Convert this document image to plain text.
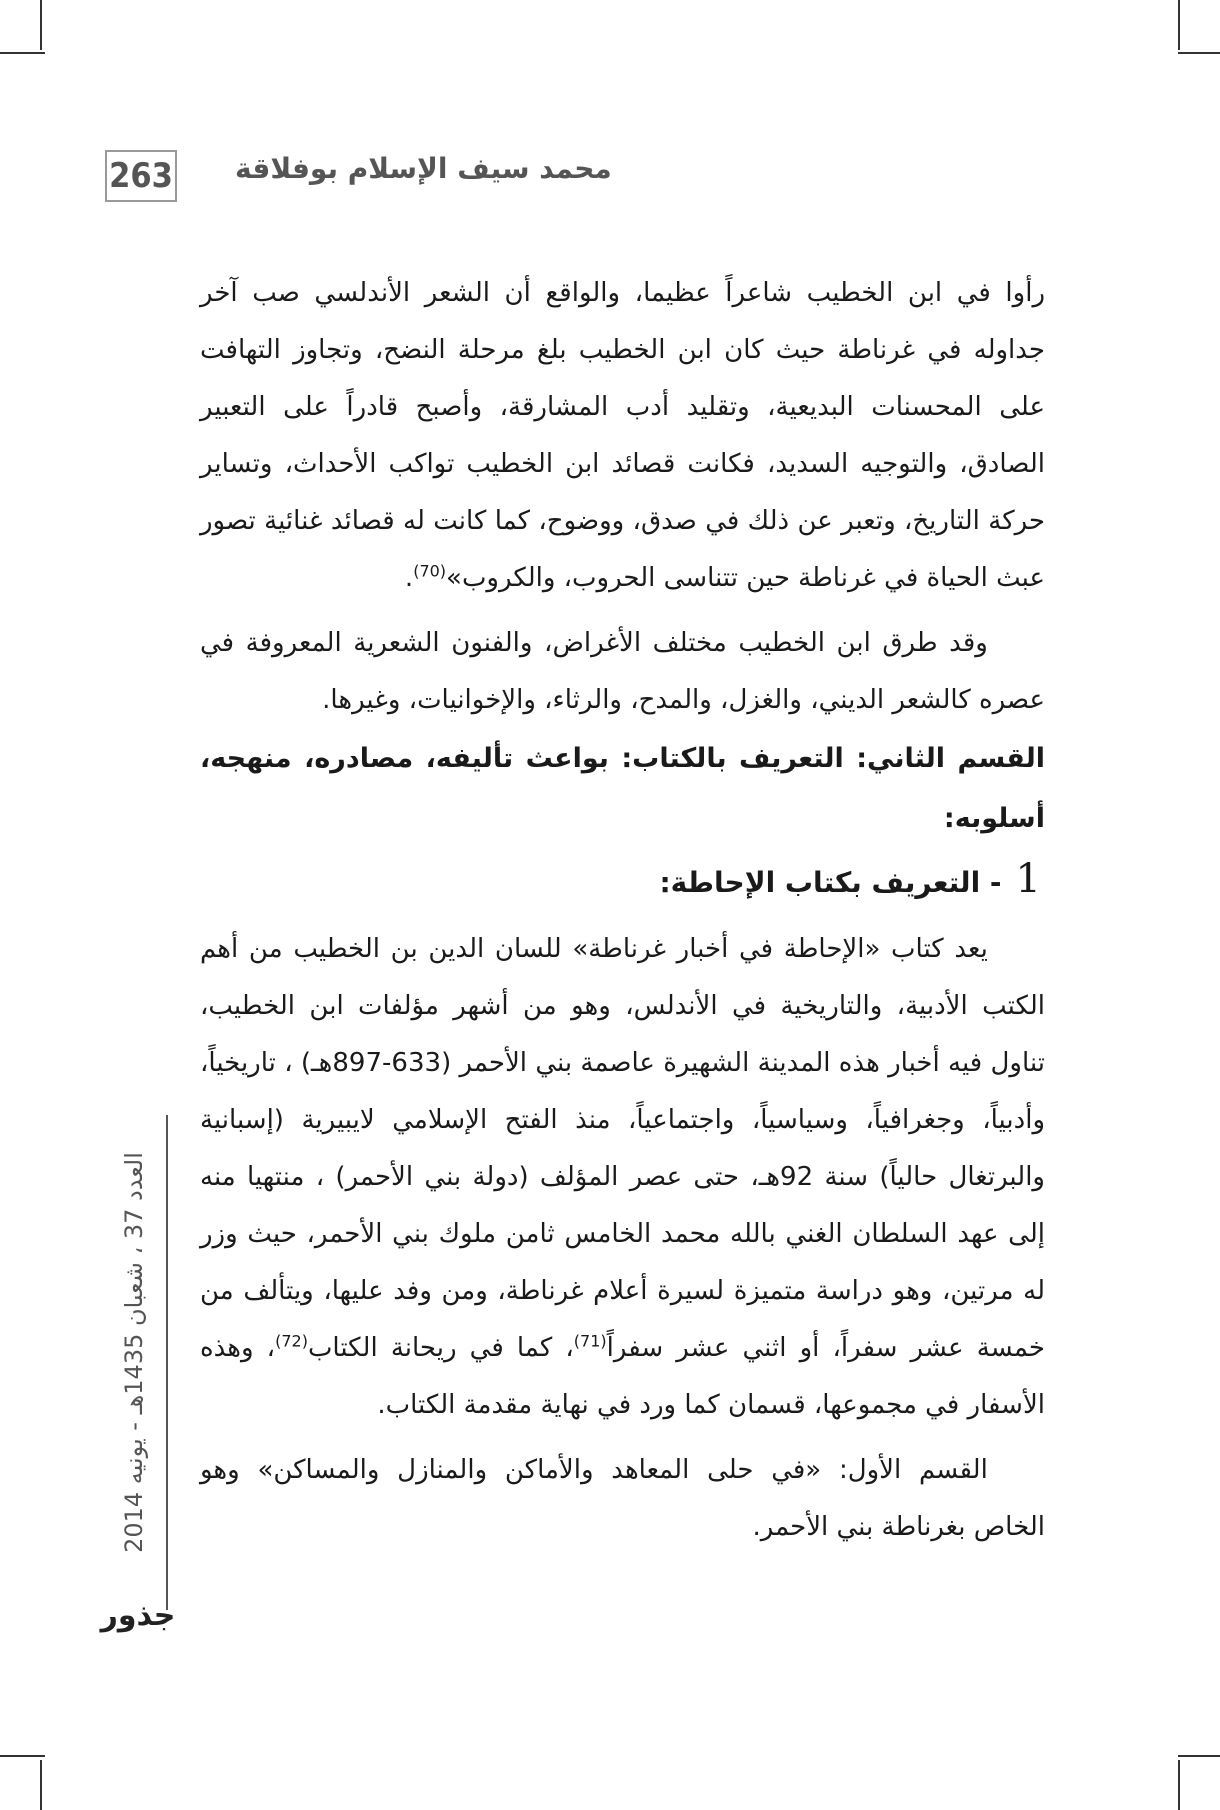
263 محمد سيف الإسلام بوفلاقة

رأوا في ابن الخطيب شاعراً عظيما، والواقع أن الشعر الأندلسي صب آخر جداوله في غرناطة حيث كان ابن الخطيب بلغ مرحلة النضح، وتجاوز التهافت على المحسنات البديعية، وتقليد أدب المشارقة، وأصبح قادراً على التعبير الصادق، والتوجيه السديد، فكانت قصائد ابن الخطيب تواكب الأحداث، وتساير حركة التاريخ، وتعبر عن ذلك في صدق، ووضوح، كما كانت له قصائد غنائية تصور عبث الحياة في غرناطة حين تتناسى الحروب، والكروب»$^{(70)}$.

وقد طرق ابن الخطيب مختلف الأغراض، والفنون الشعرية المعروفة في عصره كالشعر الديني، والغزل، والمدح، والرثاء، والإخوانيات، وغيرها.

القسم الثاني: التعريف بالكتاب: بواعث تأليفه، مصادره، منهجه، أسلوبه:
1- التعريف بكتاب الإحاطة:

يعد كتاب «الإحاطة في أخبار غرناطة» للسان الدين بن الخطيب من أهم الكتب الأدبية، والتاريخية في الأندلس، وهو من أشهر مؤلفات ابن الخطيب، تناول فيه أخبار هذه المدينة الشهيرة عاصمة بني الأحمر (633-897هـ) ، تاريخياً، وأدبياً، وجغرافياً، وسياسياً، واجتماعياً، منذ الفتح الإسلامي لايبيرية (إسبانية والبرتغال حالياً) سنة 92هـ، حتى عصر المؤلف (دولة بني الأحمر) ، منتهيا منه إلى عهد السلطان الغني بالله محمد الخامس ثامن ملوك بني الأحمر، حيث وزر له مرتين، وهو دراسة متميزة لسيرة أعلام غرناطة، ومن وفد عليها، ويتألف من خمسة عشر سفراً، أو اثني عشر سفراً$^{(71)}$، كما في ريحانة الكتاب$^{(72)}$، وهذه الأسفار في مجموعها، قسمان كما ورد في نهاية مقدمة الكتاب.

القسم الأول: «في حلى المعاهد والأماكن والمنازل والمساكن» وهو الخاص بغرناطة بني الأحمر.

العدد 37 ، شعبان 1435هـ - يونيه 2014
جذور
